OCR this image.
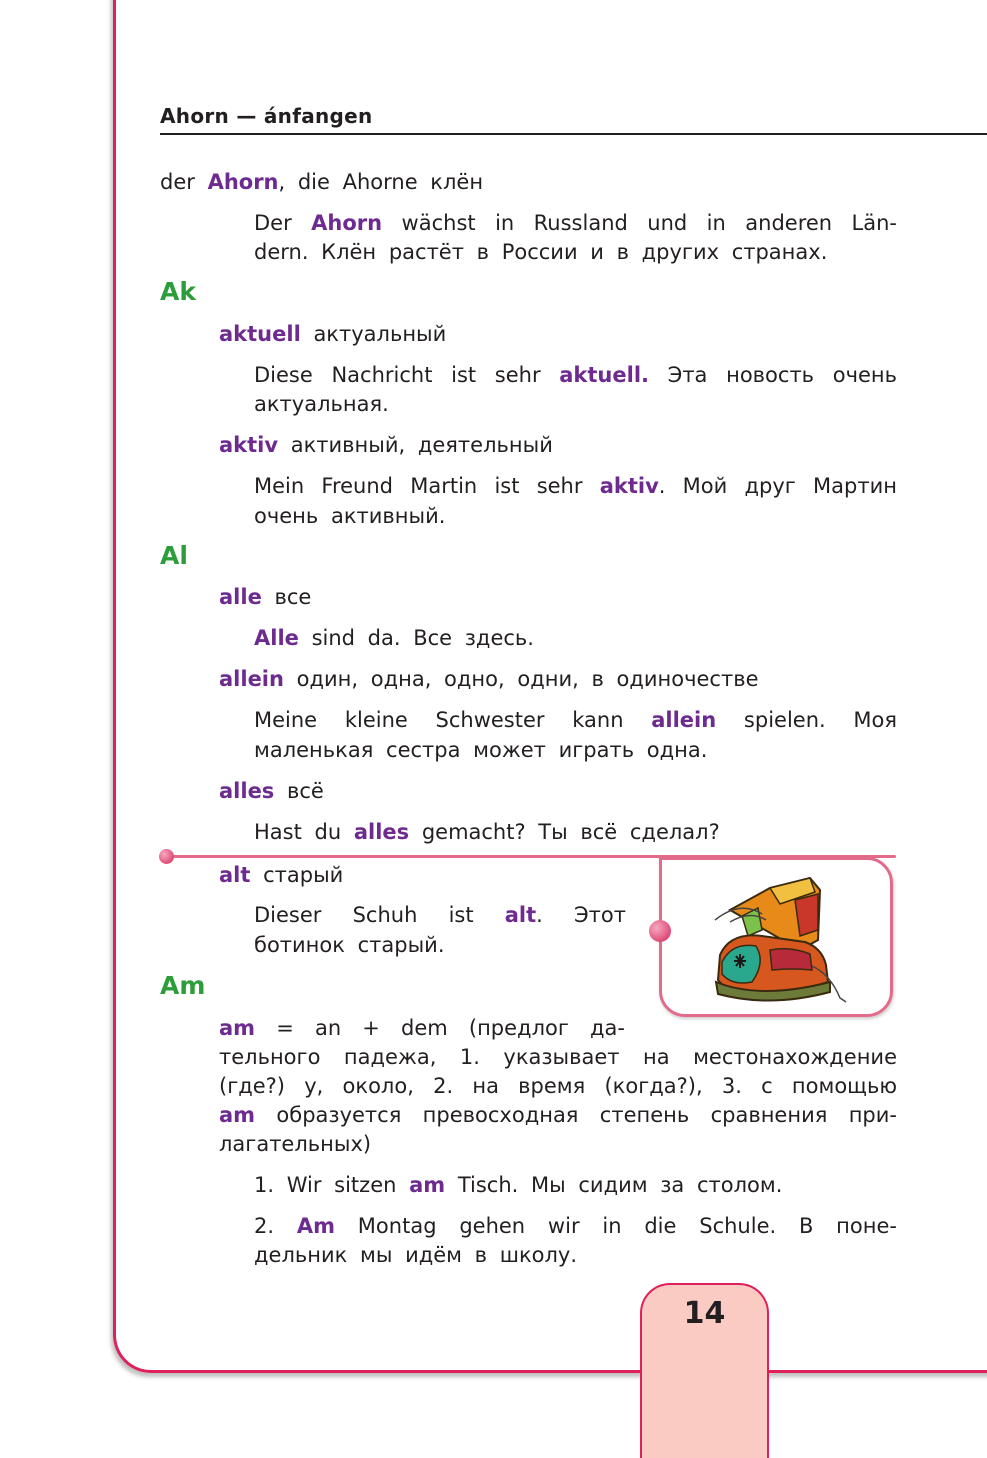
Ahorn — ánfangen
der Ahorn, die Ahorne клён
Der Ahorn wächst in Russland und in anderen Län-
dern. Клён растёт в России и в других странах.
Ak
aktuell актуальный
Diese Nachricht ist sehr aktuell. Эта новость очень
актуальная.
aktiv активный, деятельный
Mein Freund Martin ist sehr aktiv. Мой друг Мартин
очень активный.
Al
alle все
Alle sind da. Все здесь.
allein один, одна, одно, одни, в одиночестве
Meine kleine Schwester kann allein spielen. Моя
маленькая сестра может играть одна.
alles всё
Hast du alles gemacht? Ты всё сделал?
alt старый
Dieser Schuh ist alt. Этот
ботинок старый.
Am
am = an + dem (предлог да-
тельного падежа, 1. указывает на местонахождение
(где?) у, около, 2. на время (когда?), 3. с помощью
am образуется превосходная степень сравнения при-
лагательных)
1. Wir sitzen am Tisch. Мы сидим за столом.
2. Am Montag gehen wir in die Schule. В поне-
дельник мы идём в школу.
14
